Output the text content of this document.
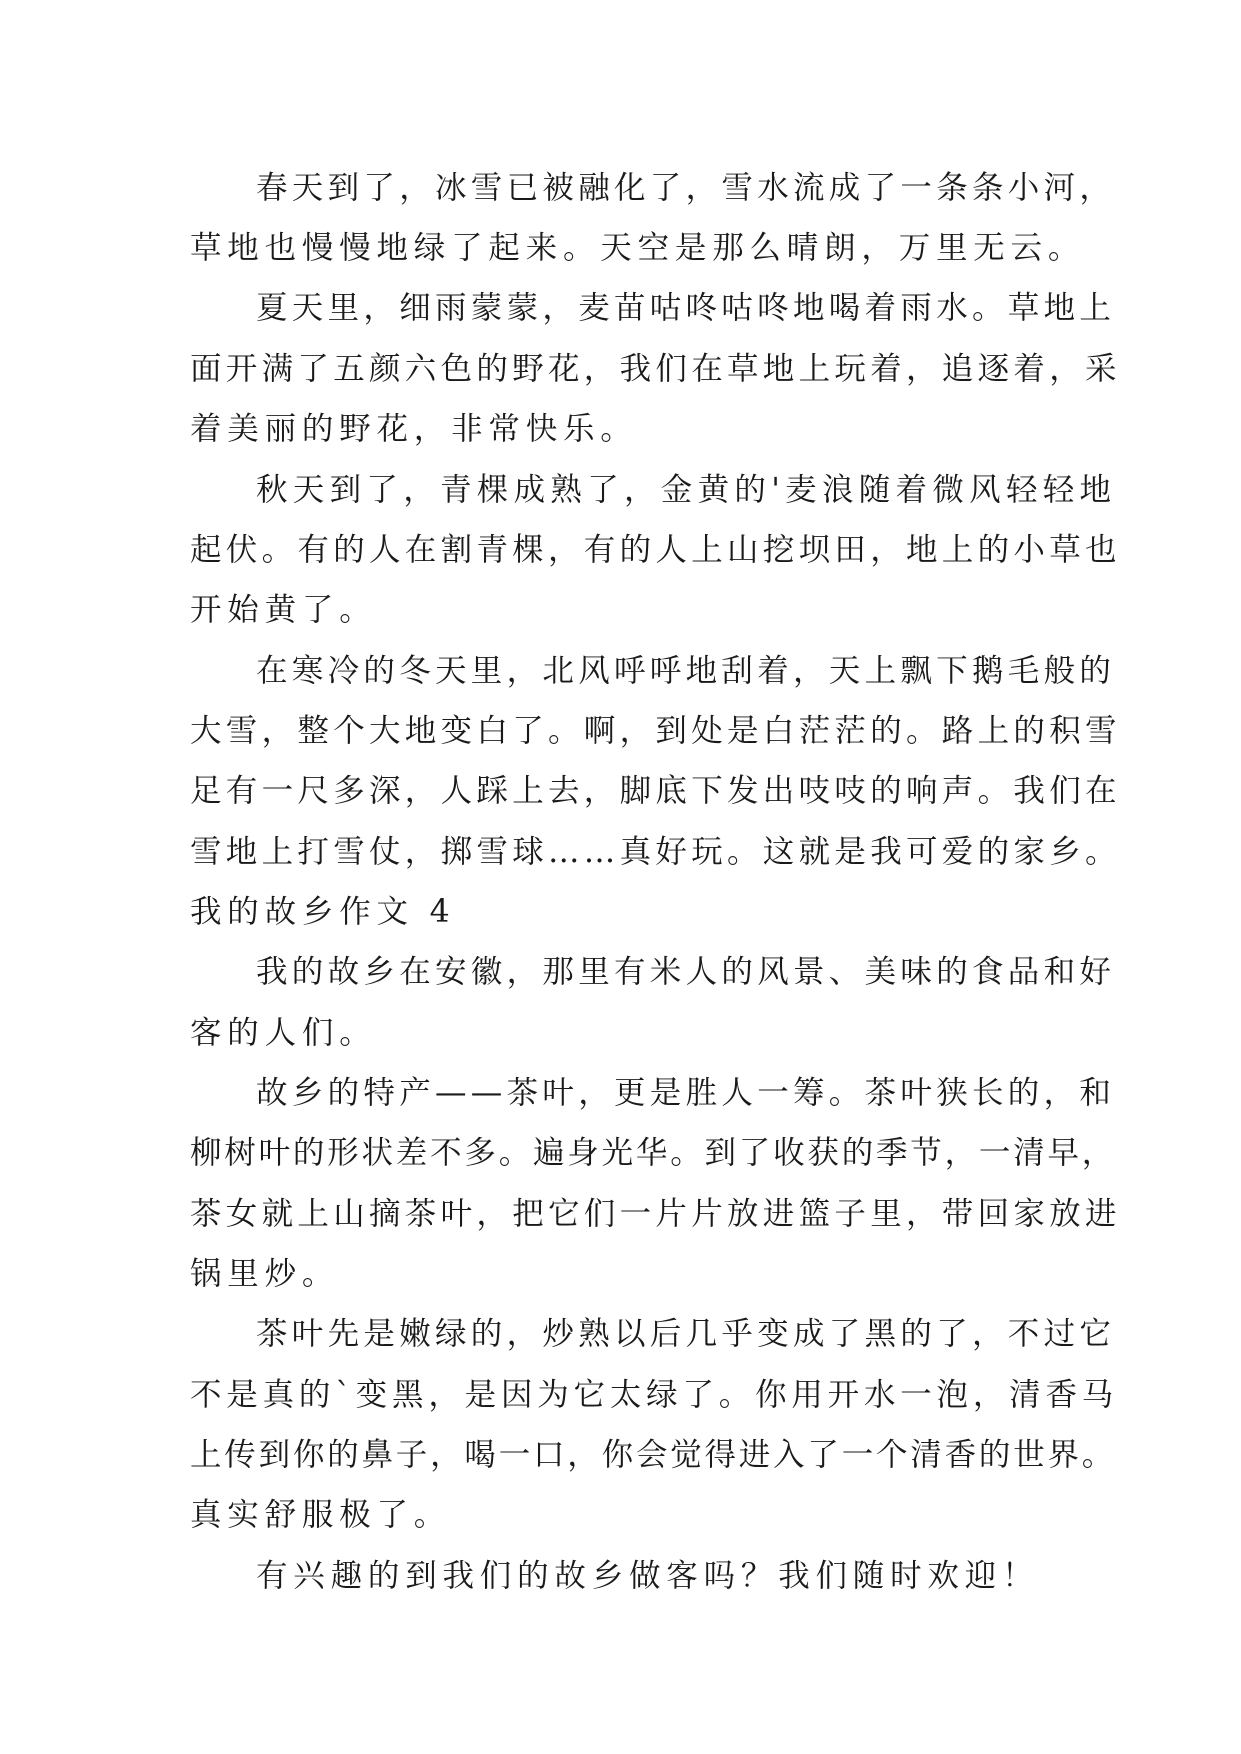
春天到了，冰雪已被融化了，雪水流成了一条条小河，
草地也慢慢地绿了起来。天空是那么晴朗，万里无云。
夏天里，细雨蒙蒙，麦苗咕咚咕咚地喝着雨水。草地上
面开满了五颜六色的野花，我们在草地上玩着，追逐着，采
着美丽的野花，非常快乐。
秋天到了，青棵成熟了，金黄的'麦浪随着微风轻轻地
起伏。有的人在割青棵，有的人上山挖坝田，地上的小草也
开始黄了。
在寒冷的冬天里，北风呼呼地刮着，天上飘下鹅毛般的
大雪，整个大地变白了。啊，到处是白茫茫的。路上的积雪
足有一尺多深，人踩上去，脚底下发出吱吱的响声。我们在
雪地上打雪仗，掷雪球……真好玩。这就是我可爱的家乡。
我的故乡作文 4
我的故乡在安徽，那里有米人的风景、美味的食品和好
客的人们。
故乡的特产——茶叶，更是胜人一筹。茶叶狭长的，和
柳树叶的形状差不多。遍身光华。到了收获的季节，一清早，
茶女就上山摘茶叶，把它们一片片放进篮子里，带回家放进
锅里炒。
茶叶先是嫩绿的，炒熟以后几乎变成了黑的了，不过它
不是真的`变黑，是因为它太绿了。你用开水一泡，清香马
上传到你的鼻子，喝一口，你会觉得进入了一个清香的世界。
真实舒服极了。
有兴趣的到我们的故乡做客吗？我们随时欢迎！
